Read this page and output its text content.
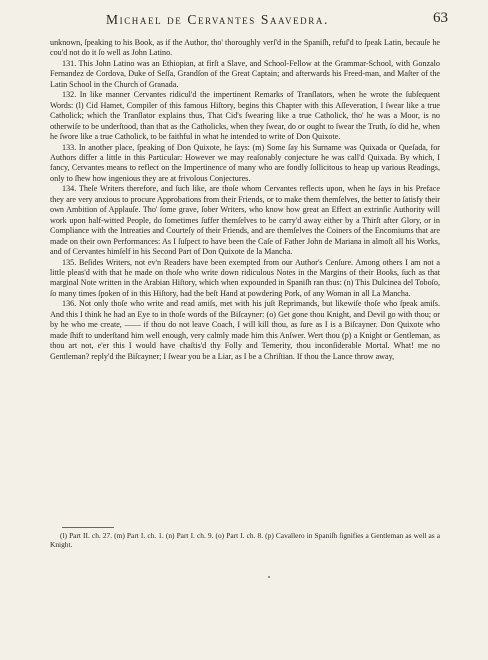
Michael de Cervantes Saavedra.	63

unknown, ſpeaking to his Book, as if the Author, tho' thoroughly verſ'd in the Spaniſh, refuſ'd to ſpeak Latin, becauſe he cou'd not do it ſo well as John Latino.

131. This John Latino was an Ethiopian, at firſt a Slave, and School-Fellow at the Grammar-School, with Gonzalo Fernandez de Cordova, Duke of Seſſa, Grandſon of the Great Captain; and afterwards his Freed-man, and Maſter of the Latin School in the Church of Granada.

132. In like manner Cervantes ridicul'd the impertinent Remarks of Tranſlators, when he wrote the ſubſequent Words: (l) Cid Hamet, Compiler of this famous Hiſtory, begins this Chapter with this Aſſeveration, I ſwear like a true Catholick; which the Tranſlator explains thus, That Cid's ſwearing like a true Catholick, tho' he was a Moor, is no otherwiſe to be underſtood, than that as the Catholicks, when they ſwear, do or ought to ſwear the Truth, ſo did he, when he ſwore like a true Catholick, to be faithful in what he intended to write of Don Quixote.

133. In another place, ſpeaking of Don Quixote, he ſays: (m) Some ſay his Surname was Quixada or Queſada, for Authors differ a little in this Particular: However we may reaſonably conjecture he was call'd Quixada. By which, I fancy, Cervantes means to reflect on the Impertinence of many who are fondly ſollicitous to heap up various Readings, only to ſhew how ingenious they are at frivolous Conjectures.

134. Theſe Writers therefore, and ſuch like, are thoſe whom Cervantes reflects upon, when he ſays in his Preface they are very anxious to procure Approbations from their Friends, or to make them themſelves, the better to ſatisfy their own Ambition of Applauſe. Tho' ſome grave, ſober Writers, who know how great an Effect an extrinſic Authority will work upon half-witted People, do ſometimes ſuffer themſelves to be carry'd away either by a Thirſt after Glory, or in Compliance with the Intreaties and Courteſy of their Friends, and are themſelves the Coiners of the Encomiums that are made on their own Performances: As I ſuſpect to have been the Caſe of Father John de Mariana in almoſt all his Works, and of Cervantes himſelf in his Second Part of Don Quixote de la Mancha.

135. Beſides Writers, not ev'n Readers have been exempted from our Author's Cenſure. Among others I am not a little pleas'd with that he made on thoſe who write down ridiculous Notes in the Margins of their Books, ſuch as that marginal Note written in the Arabian Hiſtory, which when expounded in Spaniſh ran thus: (n) This Dulcinea del Toboſo, ſo many times ſpoken of in this Hiſtory, had the beſt Hand at powdering Pork, of any Woman in all La Mancha.

136. Not only thoſe who write and read amiſs, met with his juſt Reprimands, but likewiſe thoſe who ſpeak amiſs. And this I think he had an Eye to in thoſe words of the Biſcayner: (o) Get gone thou Knight, and Devil go with thou; or by he who me create, —— if thou do not leave Coach, I will kill thou, as ſure as I is a Biſcayner. Don Quixote who made ſhift to underſtand him well enough, very calmly made him this Anſwer. Wert thou (p) a Knight or Gentleman, as thou art not, e'er this I would have chaſtis'd thy Folly and Temerity, thou inconſiderable Mortal. What! me no Gentleman? reply'd the Biſcayner; I ſwear you be a Liar, as I be a Chriſtian. If thou the Lance throw away,

(l) Part II. ch. 27. (m) Part I. ch. 1. (n) Part I. ch. 9. (o) Part I. ch. 8. (p) Cavallero in Spaniſh ſignifies a Gentleman as well as a Knight.
